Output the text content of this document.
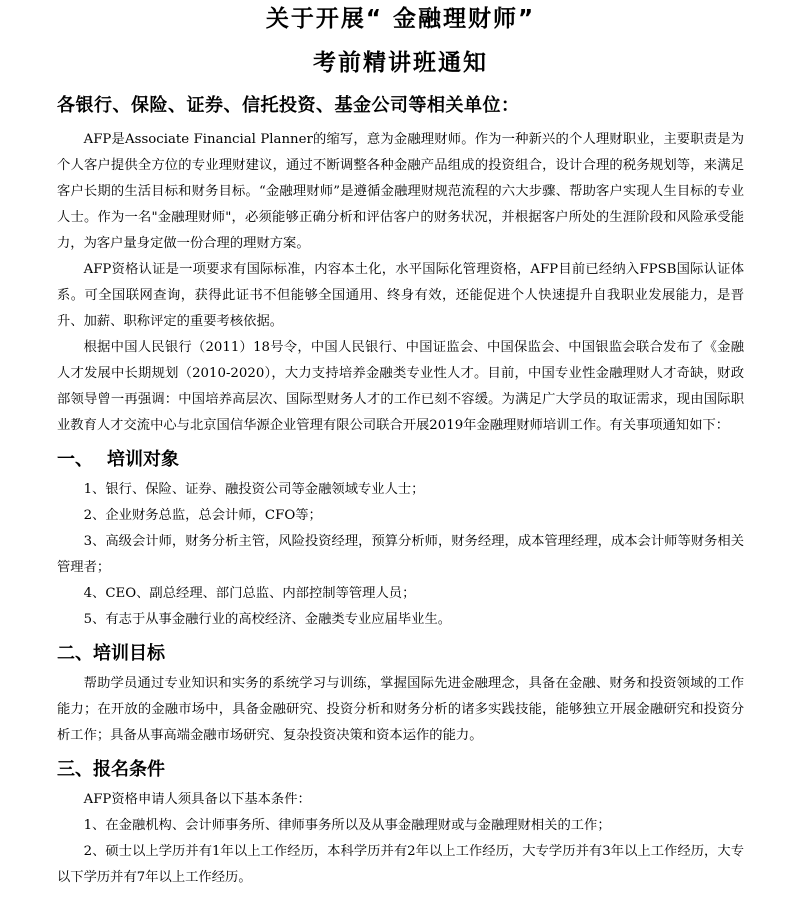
关于开展“ 金融理财师”
考前精讲班通知
各银行、保险、证券、信托投资、基金公司等相关单位：

AFP是Associate Financial Planner的缩写，意为金融理财师。作为一种新兴的个人理财职业，主要职责是为个人客户提供全方位的专业理财建议，通过不断调整各种金融产品组成的投资组合，设计合理的税务规划等，来满足客户长期的生活目标和财务目标。“金融理财师”是遵循金融理财规范流程的六大步骤、帮助客户实现人生目标的专业人士。作为一名"金融理财师"，必须能够正确分析和评估客户的财务状况，并根据客户所处的生涯阶段和风险承受能力，为客户量身定做一份合理的理财方案。

AFP资格认证是一项要求有国际标准，内容本土化，水平国际化管理资格，AFP目前已经纳入FPSB国际认证体系。可全国联网查询，获得此证书不但能够全国通用、终身有效，还能促进个人快速提升自我职业发展能力，是晋升、加薪、职称评定的重要考核依据。

根据中国人民银行（2011）18号令，中国人民银行、中国证监会、中国保监会、中国银监会联合发布了《金融人才发展中长期规划（2010-2020），大力支持培养金融类专业性人才。目前，中国专业性金融理财人才奇缺，财政部领导曾一再强调：中国培养高层次、国际型财务人才的工作已刻不容缓。为满足广大学员的取证需求，现由国际职业教育人才交流中心与北京国信华源企业管理有限公司联合开展2019年金融理财师培训工作。有关事项通知如下：

一、 培训对象

1、银行、保险、证券、融投资公司等金融领域专业人士；

2、企业财务总监，总会计师，CFO等；

3、高级会计师，财务分析主管，风险投资经理，预算分析师，财务经理，成本管理经理，成本会计师等财务相关管理者；

4、CEO、副总经理、部门总监、内部控制等管理人员；

5、有志于从事金融行业的高校经济、金融类专业应届毕业生。

二、培训目标

帮助学员通过专业知识和实务的系统学习与训练，掌握国际先进金融理念，具备在金融、财务和投资领域的工作能力；在开放的金融市场中，具备金融研究、投资分析和财务分析的诸多实践技能，能够独立开展金融研究和投资分析工作；具备从事高端金融市场研究、复杂投资决策和资本运作的能力。

三、报名条件

AFP资格申请人须具备以下基本条件：

1、在金融机构、会计师事务所、律师事务所以及从事金融理财或与金融理财相关的工作；

2、硕士以上学历并有1年以上工作经历，本科学历并有2年以上工作经历，大专学历并有3年以上工作经历，大专以下学历并有7年以上工作经历。
